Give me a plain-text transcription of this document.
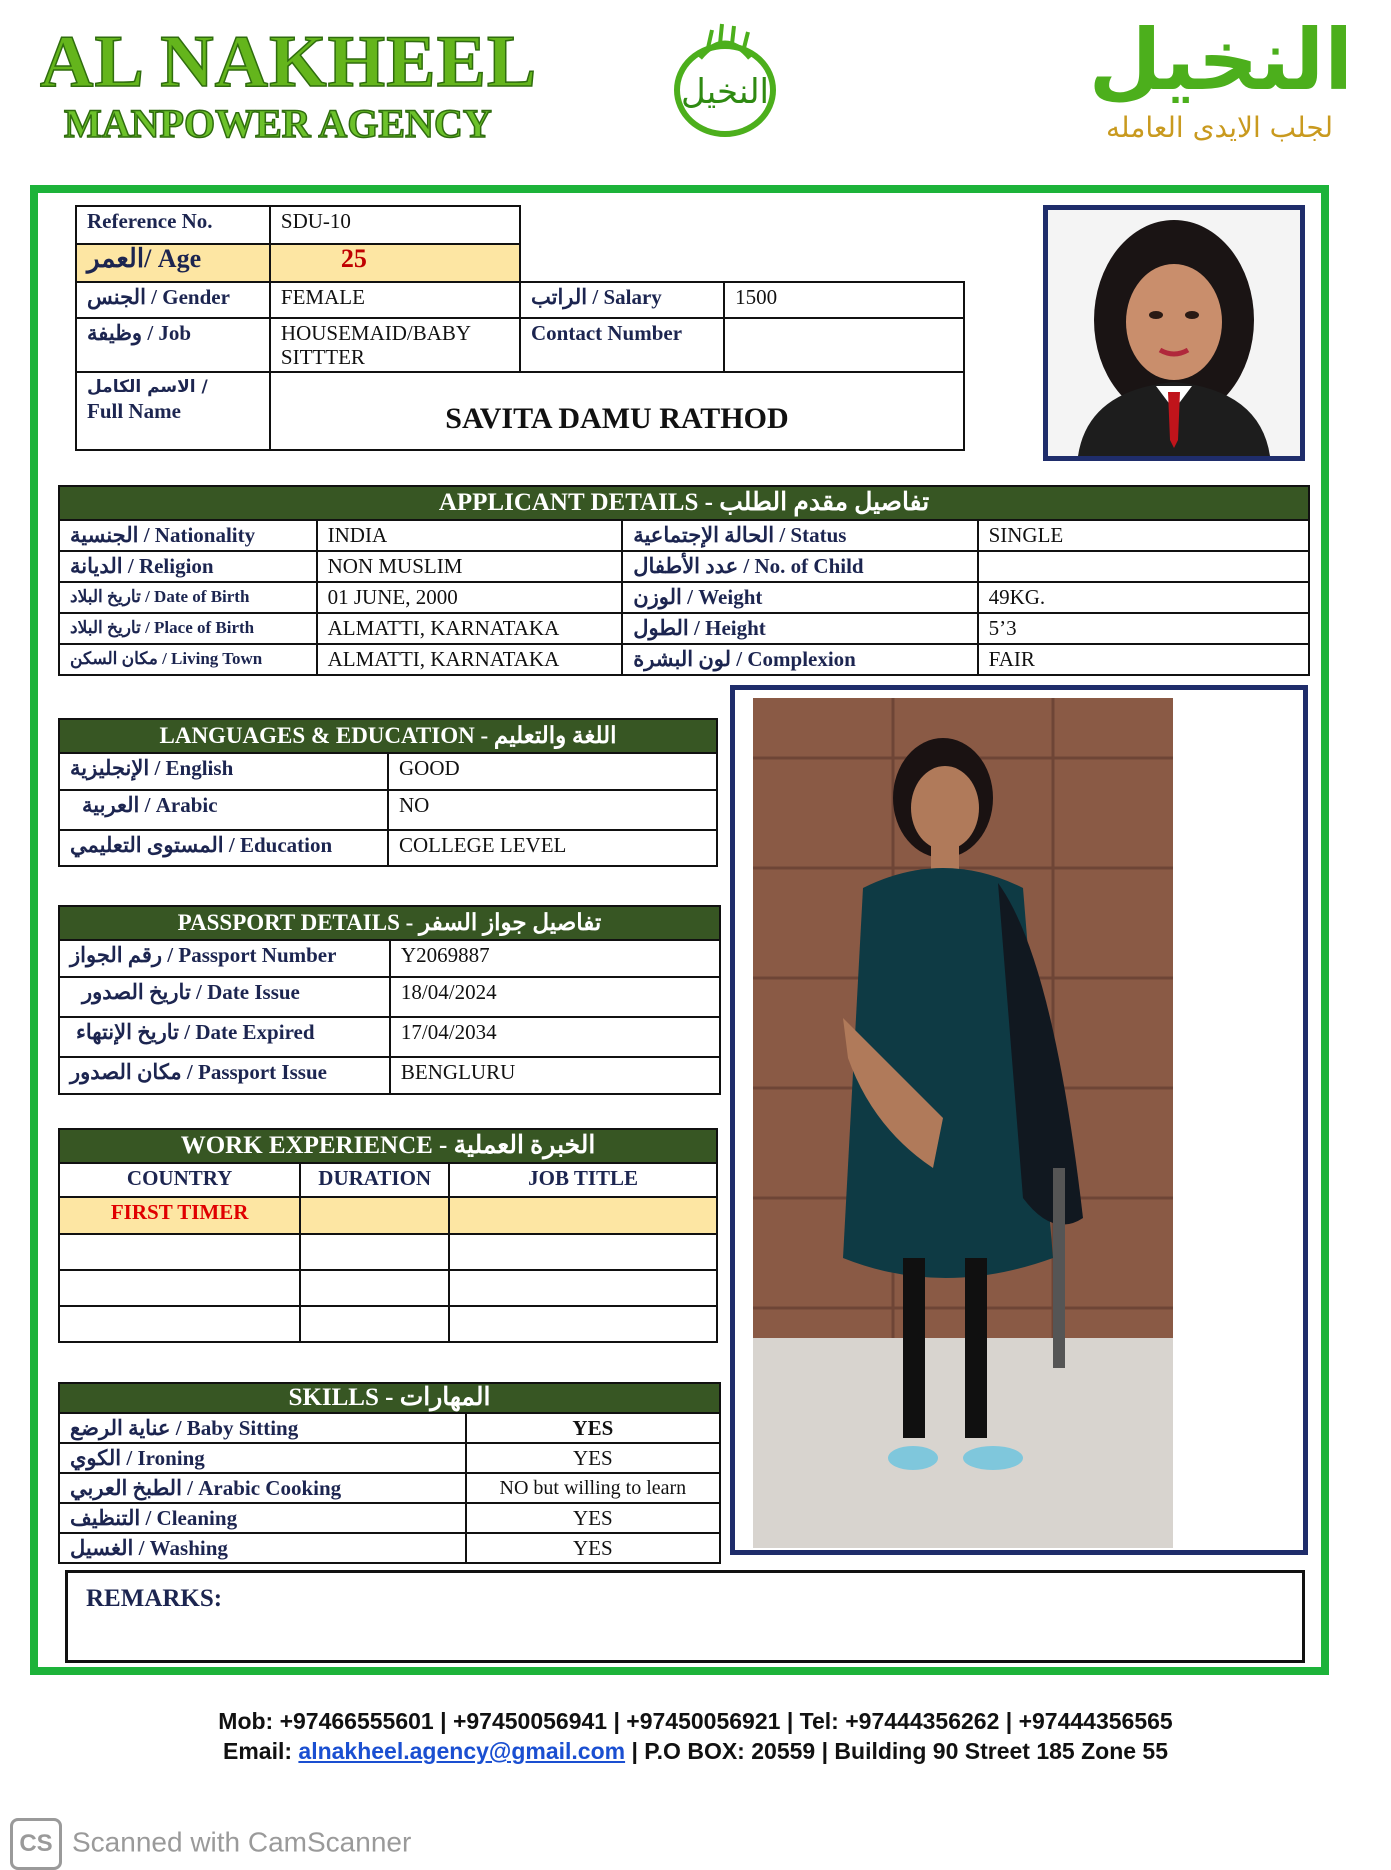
AL NAKHEEL
MANPOWER AGENCY
النخيل	النخيل
لجلب الايدى العامله
Reference No.	SDU-10		
العمر/ Age	25		
الجنس / Gender	FEMALE	الراتب / Salary	1500
وظيفة / Job	HOUSEMAID/BABY SITTTER	Contact Number	

الاسم الكامل /
Full Name	SAVITA DAMU RATHOD		
APPLICANT DETAILS - تفاصيل مقدم الطلب			
الجنسية / Nationality	INDIA	الحالة الإجتماعية / Status	SINGLE
الديانة / Religion	NON MUSLIM	عدد الأطفال / No. of Child	
تاريخ البلاد / Date of Birth	01 JUNE, 2000	الوزن / Weight	49KG.
تاريخ البلاد / Place of Birth	ALMATTI, KARNATAKA	الطول / Height	5’3
مكان السكن / Living Town	ALMATTI, KARNATAKA	لون البشرة / Complexion	FAIR
LANGUAGES & EDUCATION - اللغة والتعليم	
الإنجليزية / English	GOOD
العربية / Arabic	NO
المستوى التعليمي / Education	COLLEGE LEVEL
PASSPORT DETAILS - تفاصيل جواز السفر	
رقم الجواز / Passport Number	Y2069887
تاريخ الصدور / Date Issue	18/04/2024
تاريخ الإنتهاء / Date Expired	17/04/2034
مكان الصدور / Passport Issue	BENGLURU
WORK EXPERIENCE - الخبرة العملية		
COUNTRY	DURATION	JOB TITLE
FIRST TIMER		

SKILLS - المهارات	
عناية الرضع / Baby Sitting	YES
الكوي / Ironing	YES
الطبخ العربي / Arabic Cooking	NO but willing to learn
التنظيف / Cleaning	YES
الغسيل / Washing	YES
REMARKS:
Mob: +97466555601 | +97450056941 | +97450056921 | Tel: +97444356262 | +97444356565
Email: alnakheel.agency@gmail.com | P.O BOX: 20559 | Building 90 Street 185 Zone 55
CS Scanned with CamScanner
